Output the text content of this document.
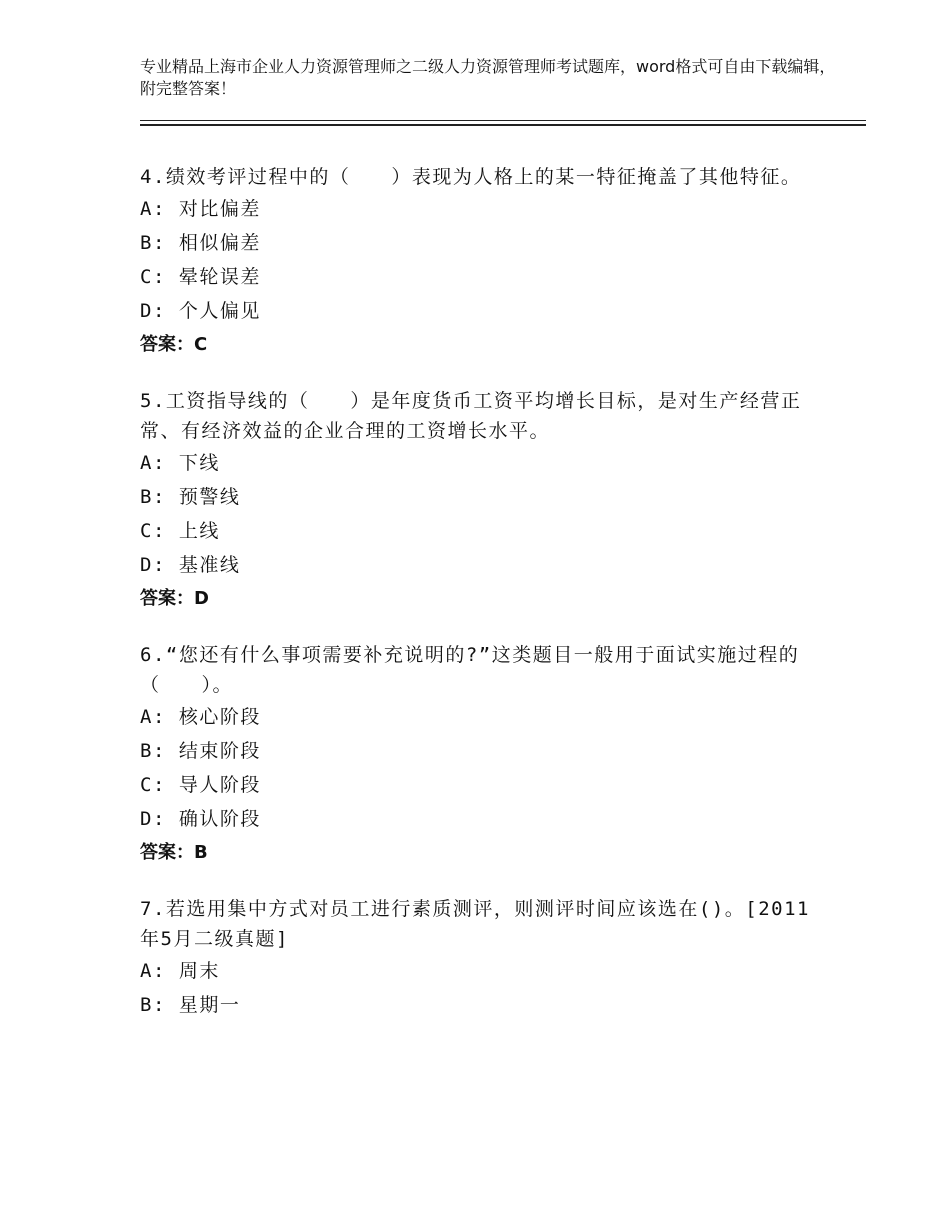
专业精品上海市企业人力资源管理师之二级人力资源管理师考试题库，word格式可自由下载编辑，附完整答案！

4.绩效考评过程中的（　　）表现为人格上的某一特征掩盖了其他特征。

A: 对比偏差

B: 相似偏差

C: 晕轮误差

D: 个人偏见

答案：C

5.工资指导线的（　　）是年度货币工资平均增长目标，是对生产经营正常、有经济效益的企业合理的工资增长水平。

A: 下线

B: 预警线

C: 上线

D: 基准线

答案：D

6.“您还有什么事项需要补充说明的?”这类题目一般用于面试实施过程的（　　）。

A: 核心阶段

B: 结束阶段

C: 导人阶段

D: 确认阶段

答案：B

7.若选用集中方式对员工进行素质测评，则测评时间应该选在()。[2011年5月二级真题]

A: 周末

B: 星期一
